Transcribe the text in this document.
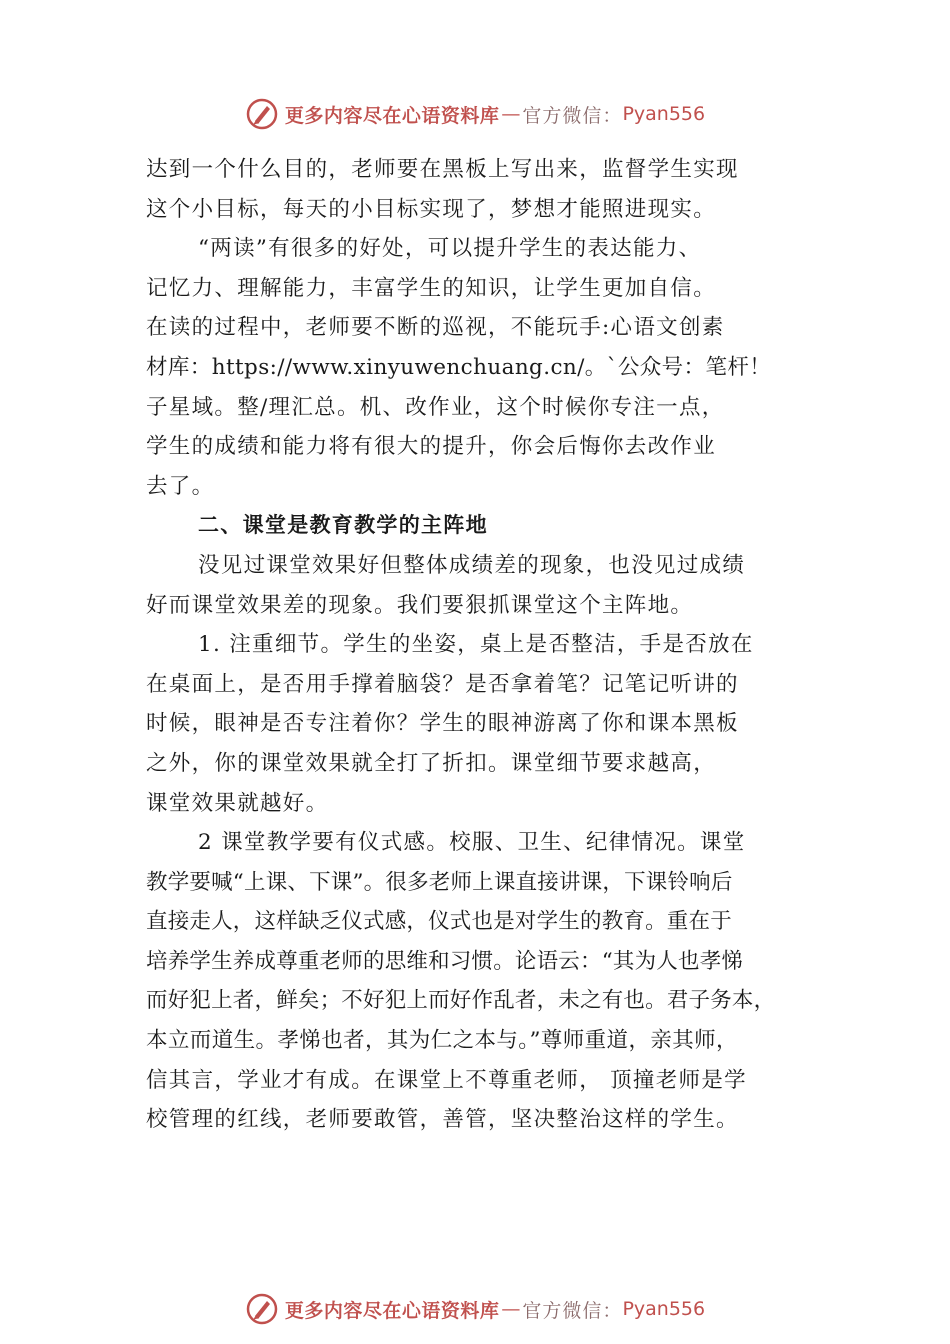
更多内容尽在心语资料库 — 官方微信： Pyan556
达到一个什么目的，老师要在黑板上写出来，监督学生实现
这个小目标，每天的小目标实现了，梦想才能照进现实。
“两读”有很多的好处，可以提升学生的表达能力、
记忆力、理解能力，丰富学生的知识，让学生更加自信。
在读的过程中，老师要不断的巡视，不能玩手:心语文创素
材库：https://www.xinyuwenchuang.cn/。`公众号：笔杆！
子星域。整/理汇总。机、改作业，这个时候你专注一点，
学生的成绩和能力将有很大的提升，你会后悔你去改作业
去了。
二、课堂是教育教学的主阵地
没见过课堂效果好但整体成绩差的现象，也没见过成绩
好而课堂效果差的现象。我们要狠抓课堂这个主阵地。
1. 注重细节。学生的坐姿，桌上是否整洁，手是否放在
在桌面上，是否用手撑着脑袋？是否拿着笔？记笔记听讲的
时候，眼神是否专注着你？学生的眼神游离了你和课本黑板
之外，你的课堂效果就全打了折扣。课堂细节要求越高，
课堂效果就越好。
2 课堂教学要有仪式感。校服、卫生、纪律情况。课堂
教学要喊“上课、下课”。很多老师上课直接讲课，下课铃响后
直接走人，这样缺乏仪式感，仪式也是对学生的教育。重在于
培养学生养成尊重老师的思维和习惯。论语云：“其为人也孝悌
而好犯上者，鲜矣；不好犯上而好作乱者，未之有也。君子务本，
本立而道生。孝悌也者，其为仁之本与。”尊师重道，亲其师，
信其言，学业才有成。在课堂上不尊重老师， 顶撞老师是学
校管理的红线，老师要敢管，善管，坚决整治这样的学生。
更多内容尽在心语资料库 — 官方微信： Pyan556
